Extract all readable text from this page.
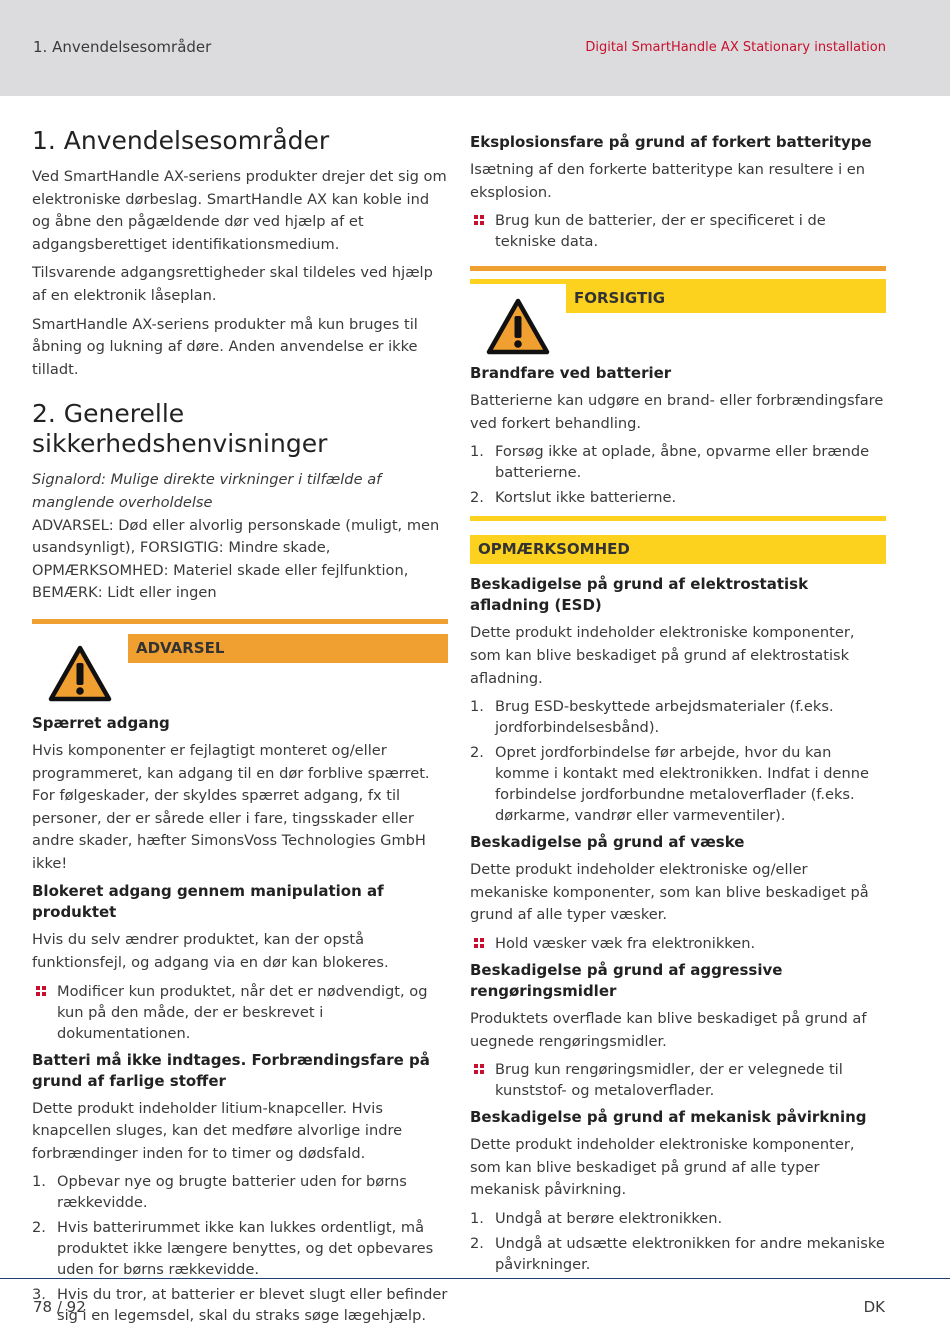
1. Anvendelsesområder	Digital SmartHandle AX Stationary installation
1. Anvendelsesområder

Ved SmartHandle AX-seriens produkter drejer det sig om elektroniske dørbeslag. SmartHandle AX kan koble ind og åbne den pågældende dør ved hjælp af et adgangsberettiget identifikationsmedium.

Tilsvarende adgangsrettigheder skal tildeles ved hjælp af en elektronik låseplan.

SmartHandle AX-seriens produkter må kun bruges til åbning og lukning af døre. Anden anvendelse er ikke tilladt.

2. Generelle sikkerhedshenvisninger

Signalord: Mulige direkte virkninger i tilfælde af manglende overholdelse

ADVARSEL: Død eller alvorlig personskade (muligt, men usandsynligt), FORSIGTIG: Mindre skade, OPMÆRKSOMHED: Materiel skade eller fejlfunktion, BEMÆRK: Lidt eller ingen

ADVARSEL
Spærret adgang

Hvis komponenter er fejlagtigt monteret og/eller programmeret, kan adgang til en dør forblive spærret. For følgeskader, der skyldes spærret adgang, fx til personer, der er sårede eller i fare, tingsskader eller andre skader, hæfter SimonsVoss Technologies GmbH ikke!

Blokeret adgang gennem manipulation af produktet

Hvis du selv ændrer produktet, kan der opstå funktionsfejl, og adgang via en dør kan blokeres.

Modificer kun produktet, når det er nødvendigt, og kun på den måde, der er beskrevet i dokumentationen.
Batteri må ikke indtages. Forbrændingsfare på grund af farlige stoffer

Dette produkt indeholder litium-knapceller. Hvis knapcellen sluges, kan det medføre alvorlige indre forbrændinger inden for to timer og dødsfald.

1. Opbevar nye og brugte batterier uden for børns rækkevidde.
2. Hvis batterirummet ikke kan lukkes ordentligt, må produktet ikke længere benyttes, og det opbevares uden for børns rækkevidde.
3. Hvis du tror, at batterier er blevet slugt eller befinder sig i en legemsdel, skal du straks søge lægehjælp.
Eksplosionsfare på grund af forkert batteritype

Isætning af den forkerte batteritype kan resultere i en eksplosion.

Brug kun de batterier, der er specificeret i de tekniske data.
FORSIGTIG
Brandfare ved batterier

Batterierne kan udgøre en brand- eller forbrændingsfare ved forkert behandling.

1. Forsøg ikke at oplade, åbne, opvarme eller brænde batterierne.
2. Kortslut ikke batterierne.
OPMÆRKSOMHED
Beskadigelse på grund af elektrostatisk afladning (ESD)

Dette produkt indeholder elektroniske komponenter, som kan blive beskadiget på grund af elektrostatisk afladning.

1. Brug ESD-beskyttede arbejdsmaterialer (f.eks. jordforbindelsesbånd).
2. Opret jordforbindelse før arbejde, hvor du kan komme i kontakt med elektronikken. Indfat i denne forbindelse jordforbundne metaloverflader (f.eks. dørkarme, vandrør eller varmeventiler).
Beskadigelse på grund af væske

Dette produkt indeholder elektroniske og/eller mekaniske komponenter, som kan blive beskadiget på grund af alle typer væsker.

Hold væsker væk fra elektronikken.
Beskadigelse på grund af aggressive rengøringsmidler

Produktets overflade kan blive beskadiget på grund af uegnede rengøringsmidler.

Brug kun rengøringsmidler, der er velegnede til kunststof- og metaloverflader.
Beskadigelse på grund af mekanisk påvirkning

Dette produkt indeholder elektroniske komponenter, som kan blive beskadiget på grund af alle typer mekanisk påvirkning.

1. Undgå at berøre elektronikken.
2. Undgå at udsætte elektronikken for andre mekaniske påvirkninger.
78 / 92	DK
